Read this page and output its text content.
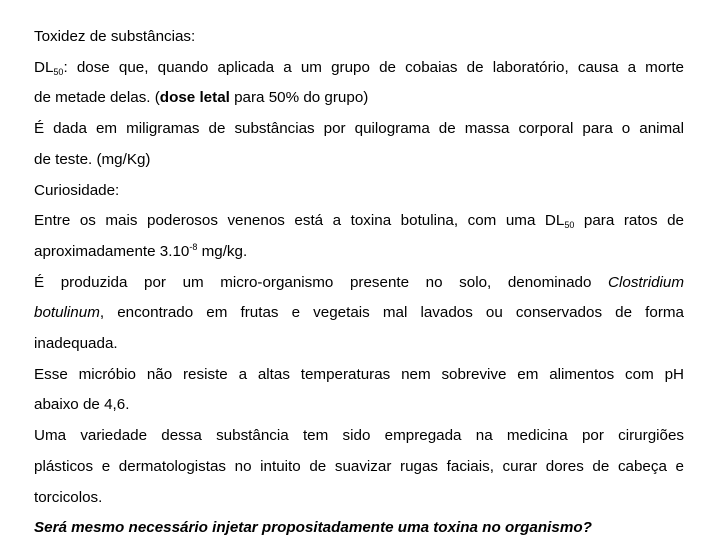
Toxidez de substâncias:

$DL_{50}$: dose que, quando aplicada a um grupo de cobaias de laboratório, causa a morte

de metade delas. (dose letal para 50% do grupo)

É dada em miligramas de substâncias por quilograma de massa corporal para o animal

de teste. (mg/Kg)

Curiosidade:

Entre os mais poderosos venenos está a toxina botulina, com uma $DL_{50}$ para ratos de

aproximadamente $3.10^{-8}$ mg/kg.

É produzida por um micro-organismo presente no solo, denominado Clostridium

botulinum, encontrado em frutas e vegetais mal lavados ou conservados de forma

inadequada.

Esse micróbio não resiste a altas temperaturas nem sobrevive em alimentos com pH

abaixo de 4,6.

Uma variedade dessa substância tem sido empregada na medicina por cirurgiões

plásticos e dermatologistas no intuito de suavizar rugas faciais, curar dores de cabeça e

torcicolos.

Será mesmo necessário injetar propositadamente uma toxina no organismo?
